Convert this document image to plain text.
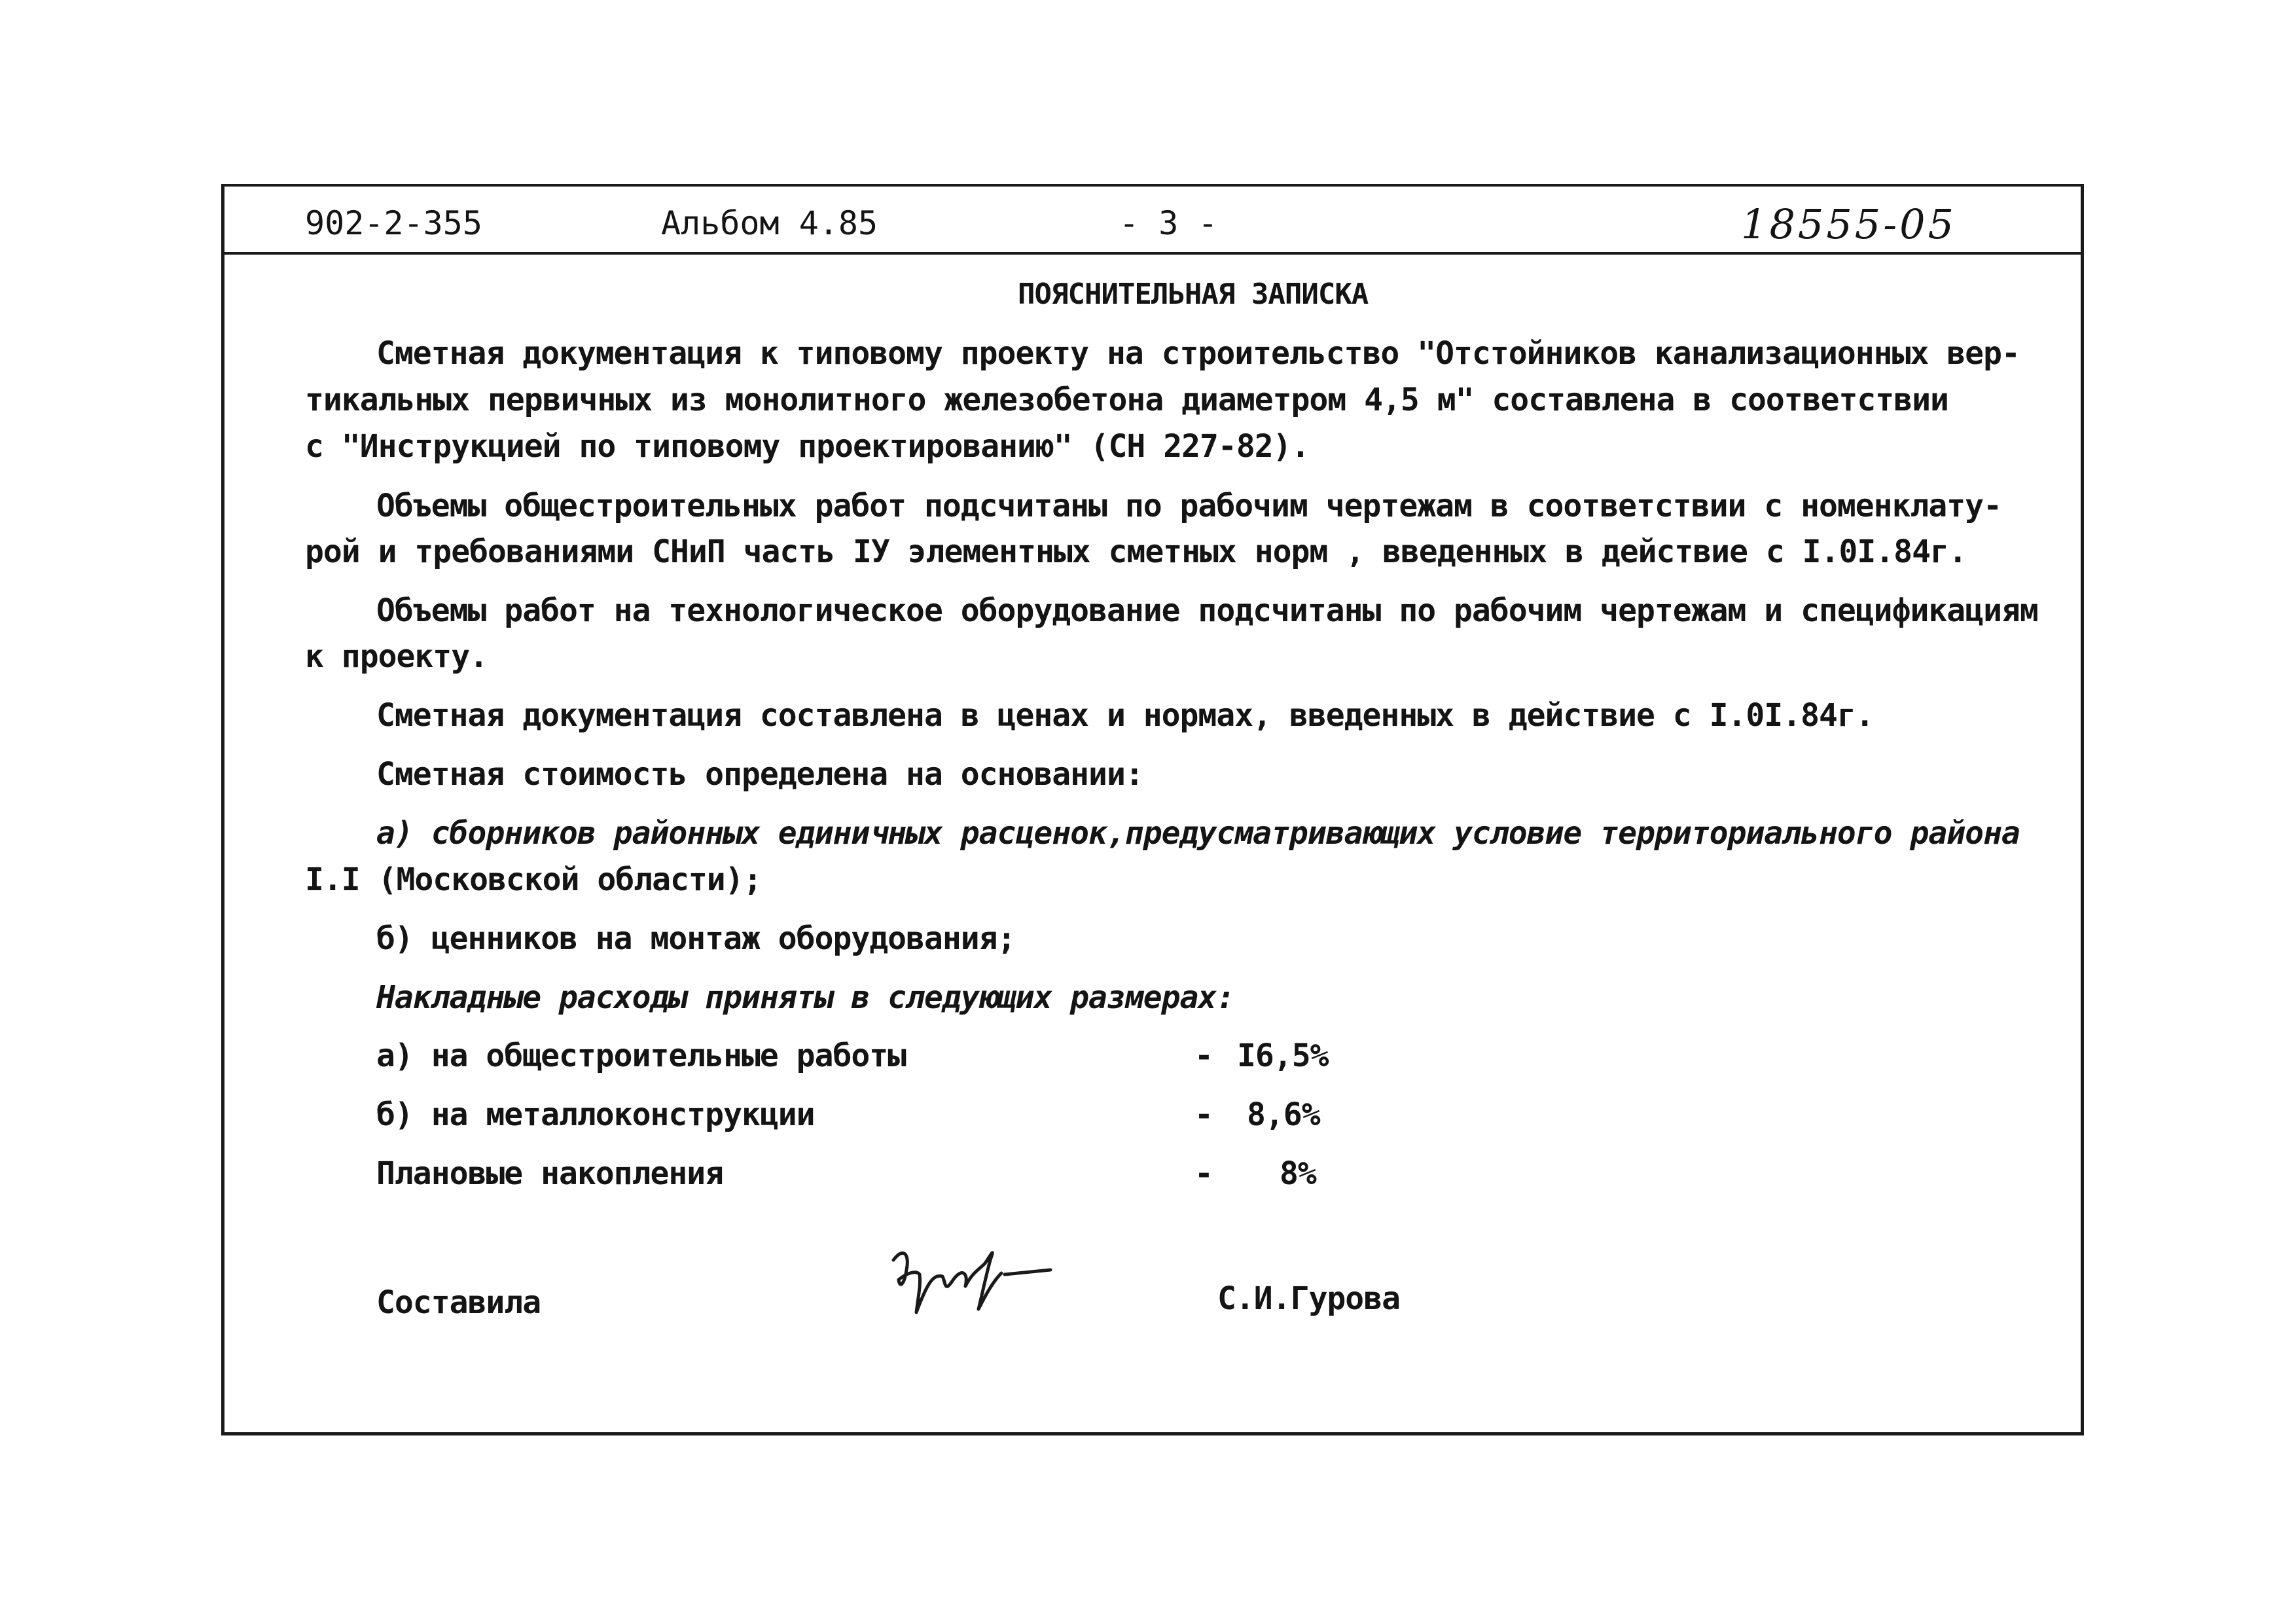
902-2-355	Альбом 4.85	- 3 -	18555-05
ПОЯСНИТЕЛЬНАЯ ЗАПИСКА
Сметная документация к типовому проекту на строительство "Отстойников канализационных вер-
тикальных первичных из монолитного железобетона диаметром 4,5 м" составлена в соответствии
с "Инструкцией по типовому проектированию" (СН 227-82).
Объемы общестроительных работ подсчитаны по рабочим чертежам в соответствии с номенклату-
рой и требованиями СНиП часть IУ элементных сметных норм , введенных в действие с I.0I.84г.
Объемы работ на технологическое оборудование подсчитаны по рабочим чертежам и спецификациям
к проекту.
Сметная документация составлена в ценах и нормах, введенных в действие с I.0I.84г.
Сметная стоимость определена на основании:
а) сборников районных единичных расценок,предусматривающих условие территориального района
I.I (Московской области);
б) ценников на монтаж оборудования;
Накладные расходы приняты в следующих размерах:
а) на общестроительные работы	- I6,5%
б) на металлоконструкции	- 8,6%
Плановые накопления	- 8%
Составила	С.И.Гурова
